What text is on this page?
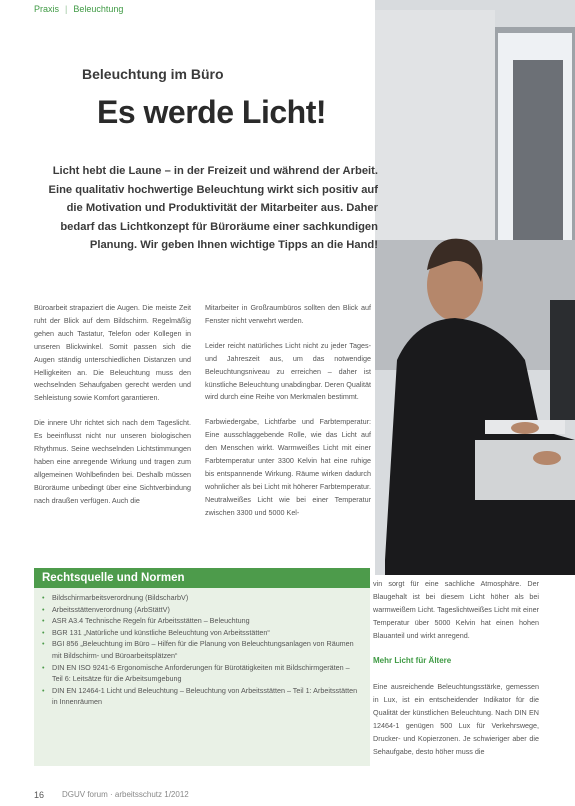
Praxis | Beleuchtung
Beleuchtung im Büro
Es werde Licht!
Licht hebt die Laune – in der Freizeit und während der Arbeit. Eine qualitativ hochwertige Beleuchtung wirkt sich positiv auf die Motivation und Produktivität der Mitarbeiter aus. Daher bedarf das Lichtkonzept für Büroräume einer sachkundigen Planung. Wir geben Ihnen wichtige Tipps an die Hand!

Büroarbeit strapaziert die Augen. Die meiste Zeit ruht der Blick auf dem Bildschirm. Regelmäßig gehen auch Tastatur, Telefon oder Kollegen in unseren Blickwinkel. Somit passen sich die Augen ständig unterschiedlichen Distanzen und Helligkeiten an. Die Beleuchtung muss den wechselnden Sehaufgaben gerecht werden und Sehleistung sowie Komfort garantieren.

Die innere Uhr richtet sich nach dem Tageslicht. Es beeinflusst nicht nur unseren biologischen Rhythmus. Seine wechselnden Lichtstimmungen haben eine anregende Wirkung und tragen zum allgemeinen Wohlbefinden bei. Deshalb müssen Büroräume unbedingt über eine Sichtverbindung nach draußen verfügen. Auch die

Mitarbeiter in Großraumbüros sollten den Blick auf Fenster nicht verwehrt werden.

Leider reicht natürliches Licht nicht zu jeder Tages- und Jahreszeit aus, um das notwendige Beleuchtungsniveau zu erreichen – daher ist künstliche Beleuchtung unabdingbar. Deren Qualität wird durch eine Reihe von Merkmalen bestimmt.

Farbwiedergabe, Lichtfarbe und Farbtemperatur: Eine ausschlaggebende Rolle, wie das Licht auf den Menschen wirkt. Warmweißes Licht mit einer Farbtemperatur unter 3300 Kelvin hat eine ruhige bis entspannende Wirkung. Räume wirken dadurch wohnlicher als bei Licht mit höherer Farbtemperatur. Neutralweißes Licht wie bei einer Temperatur zwischen 3300 und 5000 Kel-

Rechtsquelle und Normen
• Bildschirmarbeitsverordnung (BildscharbV)
• Arbeitsstättenverordnung (ArbStättV)
• ASR A3.4 Technische Regeln für Arbeitsstätten – Beleuchtung
• BGR 131 „Natürliche und künstliche Beleuchtung von Arbeitsstätten“
• BGI 856 „Beleuchtung im Büro – Hilfen für die Planung von Beleuchtungsanlagen von Räumen mit Bildschirm- und Büroarbeitsplätzen“
• DIN EN ISO 9241-6 Ergonomische Anforderungen für Bürotätigkeiten mit Bildschirmgeräten – Teil 6: Leitsätze für die Arbeitsumgebung
• DIN EN 12464-1 Licht und Beleuchtung – Beleuchtung von Arbeitsstätten – Teil 1: Arbeitsstätten in Innenräumen

vin sorgt für eine sachliche Atmosphäre. Der Blaugehalt ist bei diesem Licht höher als bei warmweißem Licht. Tageslichtweißes Licht mit einer Temperatur über 5000 Kelvin hat einen hohen Blauanteil und wirkt anregend.

Mehr Licht für Ältere

Eine ausreichende Beleuchtungsstärke, gemessen in Lux, ist ein entscheidender Indikator für die Qualität der künstlichen Beleuchtung. Nach DIN EN 12464-1 genügen 500 Lux für Verkehrswege, Drucker- und Kopierzonen. Je schwieriger aber die Sehaufgabe, desto höher muss die

16 DGUV forum · arbeitsschutz 1/2012
